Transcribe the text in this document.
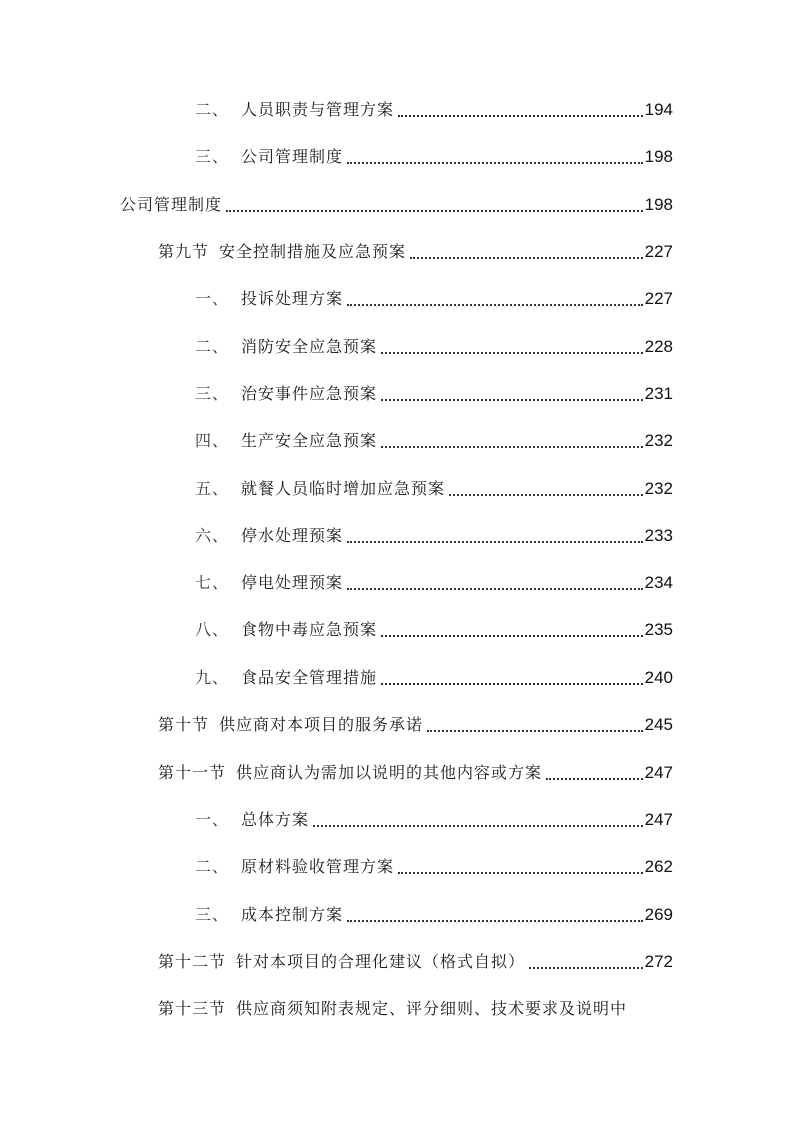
二、 人员职责与管理方案	194
三、 公司管理制度	198
公司管理制度	198
第九节 安全控制措施及应急预案	227
一、 投诉处理方案	227
二、 消防安全应急预案	228
三、 治安事件应急预案	231
四、 生产安全应急预案	232
五、 就餐人员临时增加应急预案	232
六、 停水处理预案	233
七、 停电处理预案	234
八、 食物中毒应急预案	235
九、 食品安全管理措施	240
第十节 供应商对本项目的服务承诺	245
第十一节 供应商认为需加以说明的其他内容或方案	247
一、 总体方案	247
二、 原材料验收管理方案	262
三、 成本控制方案	269
第十二节 针对本项目的合理化建议（格式自拟）	272
第十三节 供应商须知附表规定、评分细则、技术要求及说明中
